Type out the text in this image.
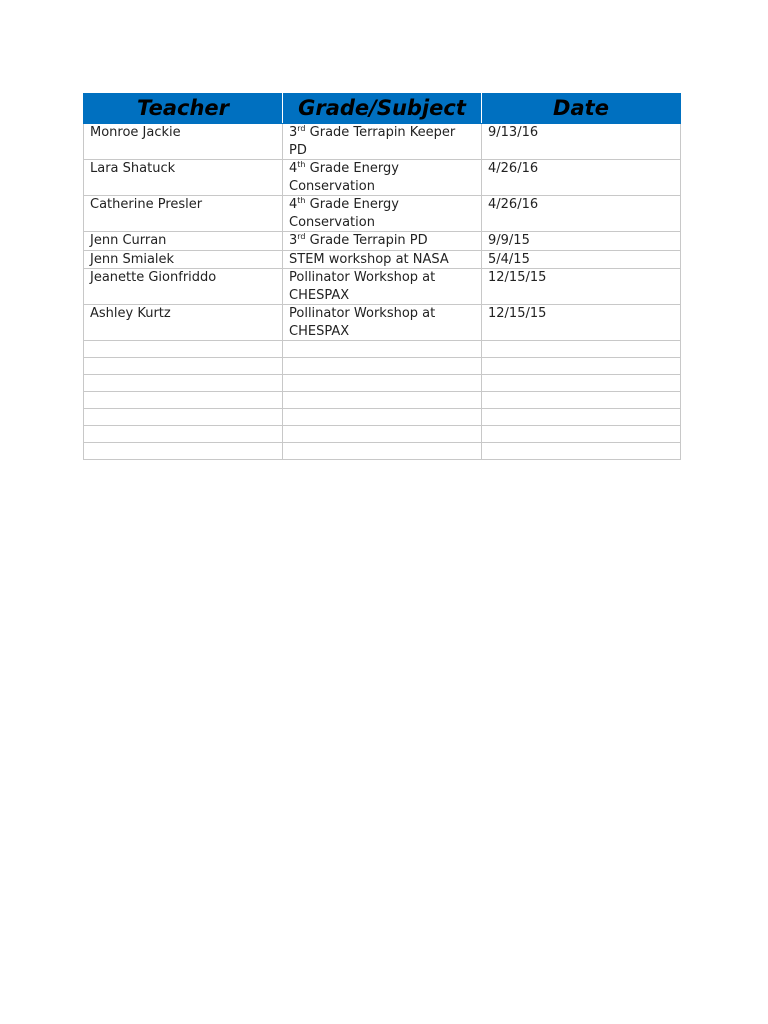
Teacher	Grade/Subject	Date
Monroe Jackie	3rd Grade Terrapin Keeper PD	9/13/16
Lara Shatuck	4th Grade Energy Conservation	4/26/16
Catherine Presler	4th Grade Energy Conservation	4/26/16
Jenn Curran	3rd Grade Terrapin PD	9/9/15
Jenn Smialek	STEM workshop at NASA	5/4/15
Jeanette Gionfriddo	Pollinator Workshop at CHESPAX	12/15/15
Ashley Kurtz	Pollinator Workshop at CHESPAX	12/15/15
